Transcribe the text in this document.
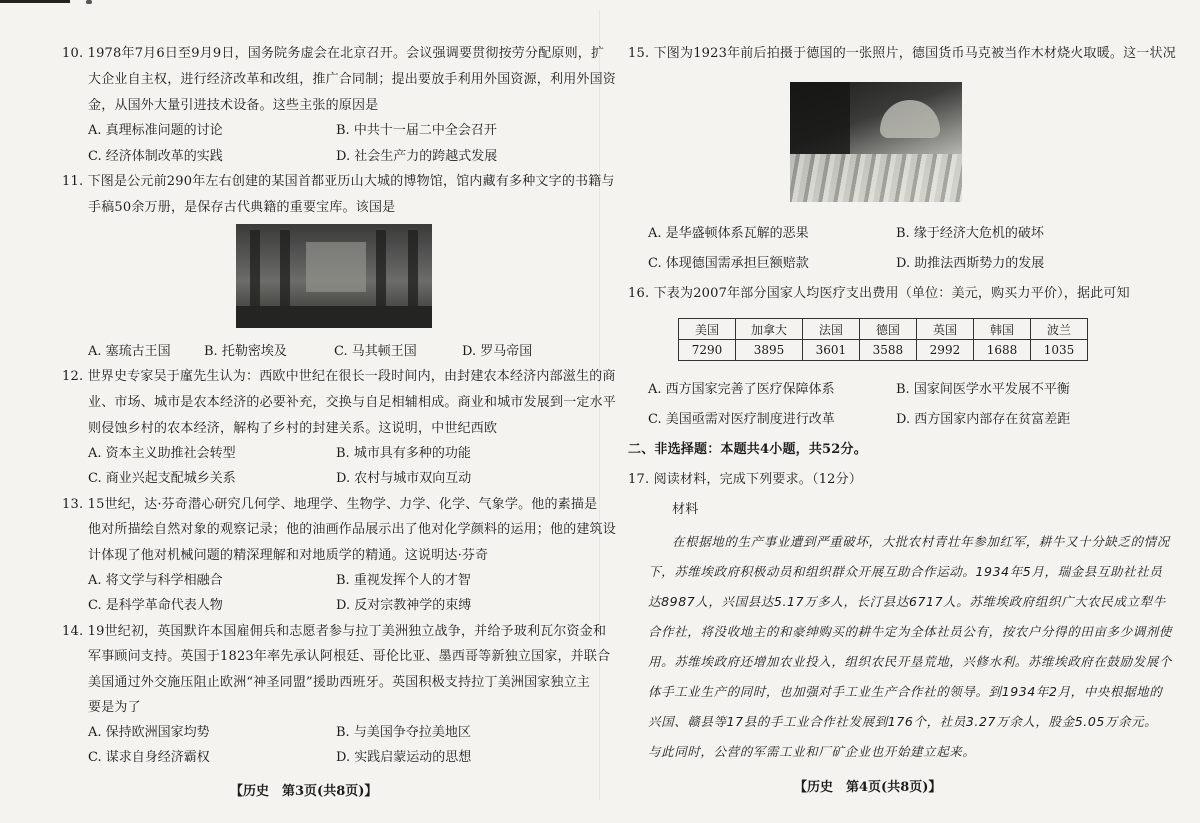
10. 1978年7月6日至9月9日，国务院务虚会在北京召开。会议强调要贯彻按劳分配原则，扩
大企业自主权，进行经济改革和改组，推广合同制；提出要放手利用外国资源，利用外国资
金，从国外大量引进技术设备。这些主张的原因是
A. 真理标准问题的讨论	B. 中共十一届二中全会召开
C. 经济体制改革的实践	D. 社会生产力的跨越式发展
11. 下图是公元前290年左右创建的某国首都亚历山大城的博物馆，馆内藏有多种文字的书籍与
手稿50余万册，是保存古代典籍的重要宝库。该国是
A. 塞琉古王国	B. 托勒密埃及	C. 马其顿王国	D. 罗马帝国
12. 世界史专家吴于廑先生认为：西欧中世纪在很长一段时间内，由封建农本经济内部滋生的商
业、市场、城市是农本经济的必要补充，交换与自足相辅相成。商业和城市发展到一定水平
则侵蚀乡村的农本经济，解构了乡村的封建关系。这说明，中世纪西欧
A. 资本主义助推社会转型	B. 城市具有多种的功能
C. 商业兴起支配城乡关系	D. 农村与城市双向互动
13. 15世纪，达·芬奇潜心研究几何学、地理学、生物学、力学、化学、气象学。他的素描是
他对所描绘自然对象的观察记录；他的油画作品展示出了他对化学颜料的运用；他的建筑设
计体现了他对机械问题的精深理解和对地质学的精通。这说明达·芬奇
A. 将文学与科学相融合	B. 重视发挥个人的才智
C. 是科学革命代表人物	D. 反对宗教神学的束缚
14. 19世纪初，英国默许本国雇佣兵和志愿者参与拉丁美洲独立战争，并给予玻利瓦尔资金和
军事顾问支持。英国于1823年率先承认阿根廷、哥伦比亚、墨西哥等新独立国家，并联合
美国通过外交施压阻止欧洲“神圣同盟”援助西班牙。英国积极支持拉丁美洲国家独立主
要是为了
A. 保持欧洲国家均势	B. 与美国争夺拉美地区
C. 谋求自身经济霸权	D. 实践启蒙运动的思想
【历史　第3页(共8页)】
15. 下图为1923年前后拍摄于德国的一张照片，德国货币马克被当作木材烧火取暖。这一状况
A. 是华盛顿体系瓦解的恶果	B. 缘于经济大危机的破坏
C. 体现德国需承担巨额赔款	D. 助推法西斯势力的发展
16. 下表为2007年部分国家人均医疗支出费用（单位：美元，购买力平价），据此可知
美国	加拿大	法国	德国	英国	韩国	波兰
7290	3895	3601	3588	2992	1688	1035
A. 西方国家完善了医疗保障体系	B. 国家间医学水平发展不平衡
C. 美国亟需对医疗制度进行改革	D. 西方国家内部存在贫富差距
二、非选择题：本题共4小题，共52分。
17. 阅读材料，完成下列要求。（12分）
材料
在根据地的生产事业遭到严重破坏，大批农村青壮年参加红军，耕牛又十分缺乏的情况
下，苏维埃政府积极动员和组织群众开展互助合作运动。1934年5月，瑞金县互助社社员
达8987人，兴国县达5.17万多人，长汀县达6717人。苏维埃政府组织广大农民成立犁牛
合作社，将没收地主的和豪绅购买的耕牛定为全体社员公有，按农户分得的田亩多少调剂使
用。苏维埃政府还增加农业投入，组织农民开垦荒地，兴修水利。苏维埃政府在鼓励发展个
体手工业生产的同时，也加强对手工业生产合作社的领导。到1934年2月，中央根据地的
兴国、赣县等17县的手工业合作社发展到176个，社员3.27万余人，股金5.05万余元。
与此同时，公营的军需工业和厂矿企业也开始建立起来。
【历史　第4页(共8页)】
